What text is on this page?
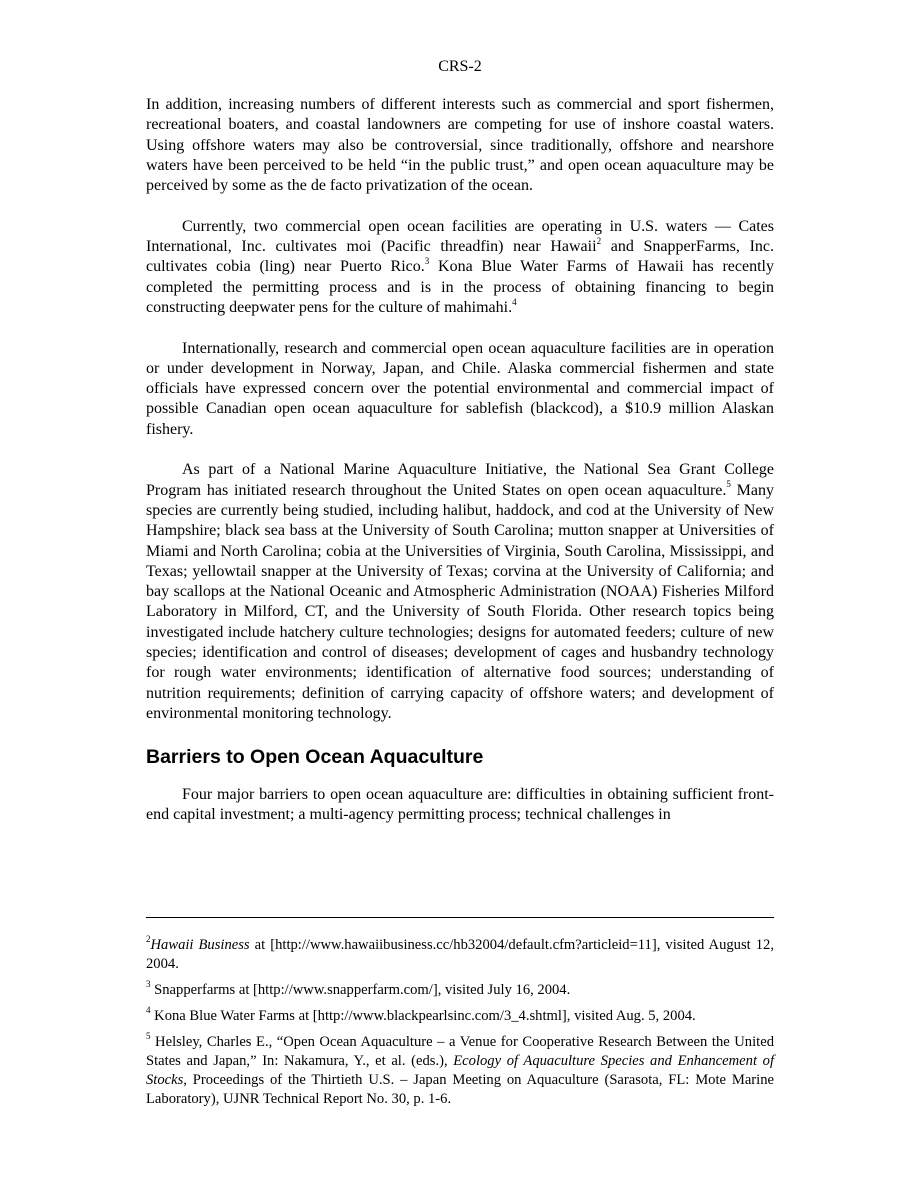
CRS-2

In addition, increasing numbers of different interests such as commercial and sport fishermen, recreational boaters, and coastal landowners are competing for use of inshore coastal waters. Using offshore waters may also be controversial, since traditionally, offshore and nearshore waters have been perceived to be held “in the public trust,” and open ocean aquaculture may be perceived by some as the de facto privatization of the ocean.

Currently, two commercial open ocean facilities are operating in U.S. waters — Cates International, Inc. cultivates moi (Pacific threadfin) near Hawaii$^2$ and SnapperFarms, Inc. cultivates cobia (ling) near Puerto Rico.$^3$ Kona Blue Water Farms of Hawaii has recently completed the permitting process and is in the process of obtaining financing to begin constructing deepwater pens for the culture of mahimahi.$^4$

Internationally, research and commercial open ocean aquaculture facilities are in operation or under development in Norway, Japan, and Chile. Alaska commercial fishermen and state officials have expressed concern over the potential environmental and commercial impact of possible Canadian open ocean aquaculture for sablefish (blackcod), a $10.9 million Alaskan fishery.

As part of a National Marine Aquaculture Initiative, the National Sea Grant College Program has initiated research throughout the United States on open ocean aquaculture.$^5$ Many species are currently being studied, including halibut, haddock, and cod at the University of New Hampshire; black sea bass at the University of South Carolina; mutton snapper at Universities of Miami and North Carolina; cobia at the Universities of Virginia, South Carolina, Mississippi, and Texas; yellowtail snapper at the University of Texas; corvina at the University of California; and bay scallops at the National Oceanic and Atmospheric Administration (NOAA) Fisheries Milford Laboratory in Milford, CT, and the University of South Florida. Other research topics being investigated include hatchery culture technologies; designs for automated feeders; culture of new species; identification and control of diseases; development of cages and husbandry technology for rough water environments; identification of alternative food sources; understanding of nutrition requirements; definition of carrying capacity of offshore waters; and development of environmental monitoring technology.

Barriers to Open Ocean Aquaculture

Four major barriers to open ocean aquaculture are: difficulties in obtaining sufficient front-end capital investment; a multi-agency permitting process; technical challenges in

$^2$Hawaii Business at [http://www.hawaiibusiness.cc/hb32004/default.cfm?articleid=11], visited August 12, 2004.
$^3$ Snapperfarms at [http://www.snapperfarm.com/], visited July 16, 2004.
$^4$ Kona Blue Water Farms at [http://www.blackpearlsinc.com/3_4.shtml], visited Aug. 5, 2004.
$^5$ Helsley, Charles E., “Open Ocean Aquaculture – a Venue for Cooperative Research Between the United States and Japan,” In: Nakamura, Y., et al. (eds.), Ecology of Aquaculture Species and Enhancement of Stocks, Proceedings of the Thirtieth U.S. – Japan Meeting on Aquaculture (Sarasota, FL: Mote Marine Laboratory), UJNR Technical Report No. 30, p. 1-6.
